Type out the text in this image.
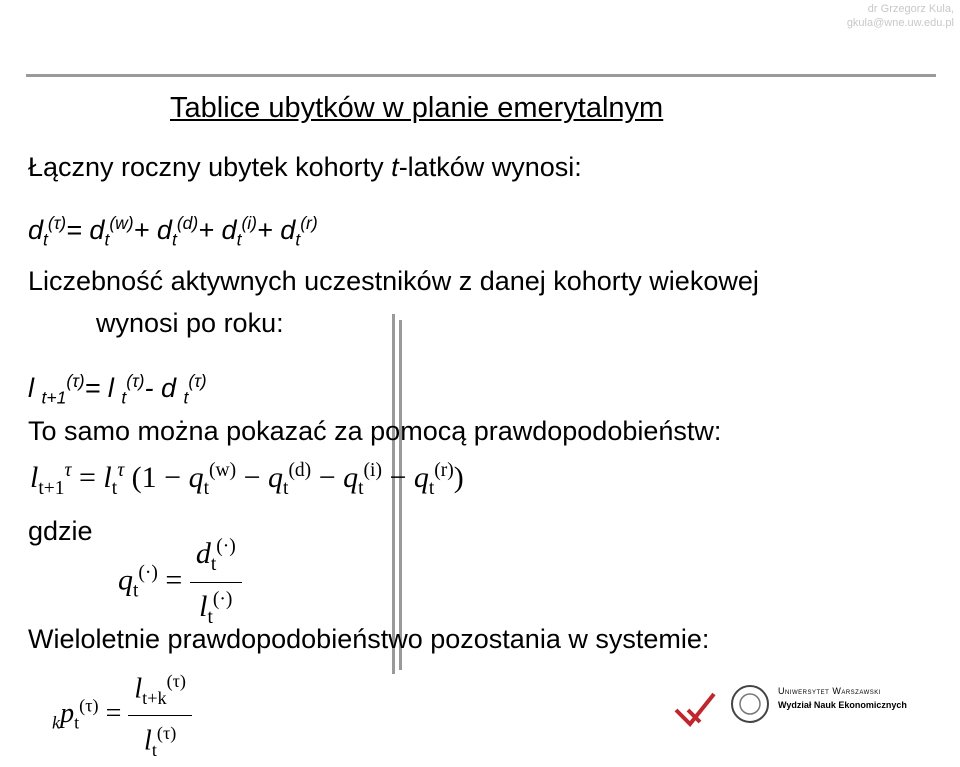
dr Grzegorz Kula,
gkula@wne.uw.edu.pl
Tablice ubytków w planie emerytalnym
Łączny roczny ubytek kohorty t-latków wynosi:
$d_t^{(\tau)}= d_t^{(w)}+ d_t^{(d)}+ d_t^{(i)}+ d_t^{(r)}$
Liczebność aktywnych uczestników z danej kohorty wiekowej
wynosi po roku:
l $_{t+1}^{(\tau)}$= l $_t^{(\tau)}$- d $_t^{(\tau)}$
To samo można pokazać za pomocą prawdopodobieństw:
$l_{t+1}^\tau = l_t^\tau$ $(1 - q_t^{(w)} - q_t^{(d)} - q_t^{(i)} - q_t^{(r)})$
gdzie
$q_t^{(\cdot)} = \frac{d_t^{(\cdot)}}{l_t^{(\cdot)}}$
Wieloletnie prawdopodobieństwo pozostania w systemie:
$_kp_t^{(\tau)} = \frac{l_{t+k}^{(\tau)}}{l_t^{(\tau)}}$	Uniwersytet Warszawski
Wydział Nauk Ekonomicznych
